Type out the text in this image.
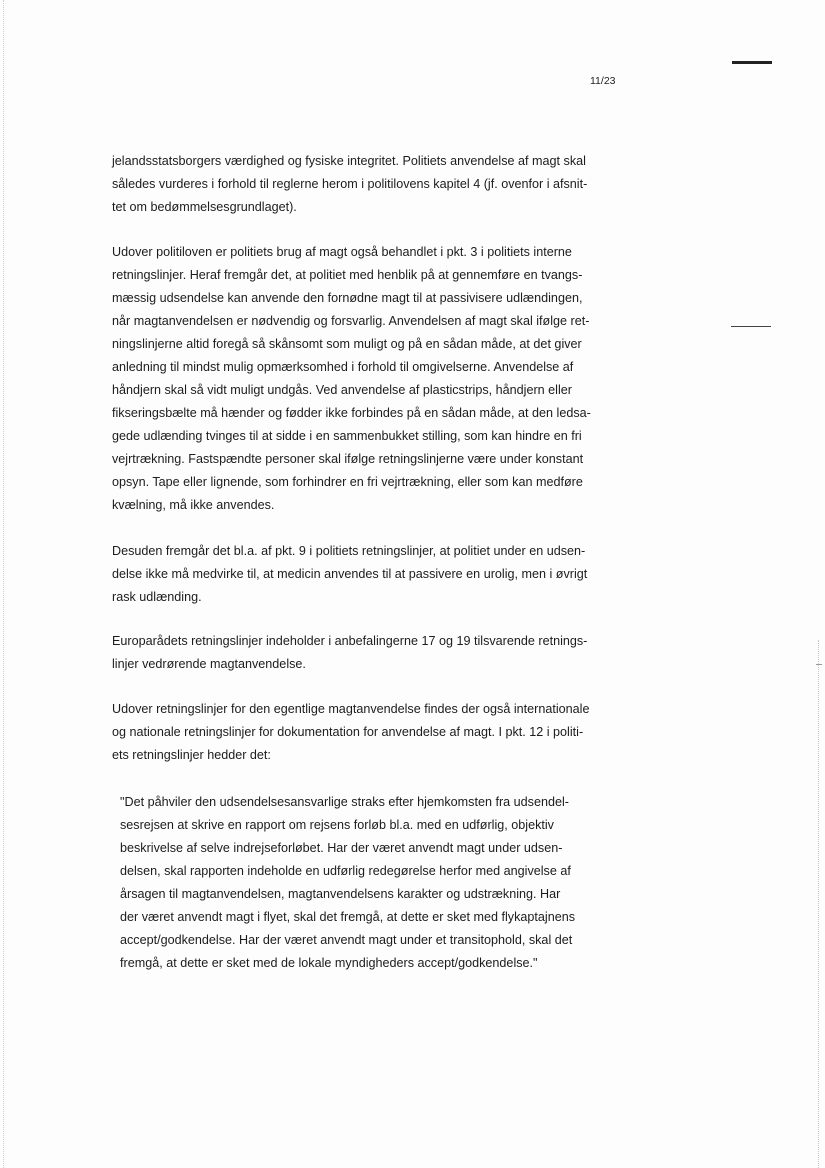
11/23
jelandsstatsborgers værdighed og fysiske integritet. Politiets anvendelse af magt skal
således vurderes i forhold til reglerne herom i politilovens kapitel 4 (jf. ovenfor i afsnit-
tet om bedømmelsesgrundlaget).
Udover politiloven er politiets brug af magt også behandlet i pkt. 3 i politiets interne
retningslinjer. Heraf fremgår det, at politiet med henblik på at gennemføre en tvangs-
mæssig udsendelse kan anvende den fornødne magt til at passivisere udlændingen,
når magtanvendelsen er nødvendig og forsvarlig. Anvendelsen af magt skal ifølge ret-
ningslinjerne altid foregå så skånsomt som muligt og på en sådan måde, at det giver
anledning til mindst mulig opmærksomhed i forhold til omgivelserne. Anvendelse af
håndjern skal så vidt muligt undgås. Ved anvendelse af plasticstrips, håndjern eller
fikseringsbælte må hænder og fødder ikke forbindes på en sådan måde, at den ledsa-
gede udlænding tvinges til at sidde i en sammenbukket stilling, som kan hindre en fri
vejrtrækning. Fastspændte personer skal ifølge retningslinjerne være under konstant
opsyn. Tape eller lignende, som forhindrer en fri vejrtrækning, eller som kan medføre
kvælning, må ikke anvendes.
Desuden fremgår det bl.a. af pkt. 9 i politiets retningslinjer, at politiet under en udsen-
delse ikke må medvirke til, at medicin anvendes til at passivere en urolig, men i øvrigt
rask udlænding.
Europarådets retningslinjer indeholder i anbefalingerne 17 og 19 tilsvarende retnings-
linjer vedrørende magtanvendelse.
Udover retningslinjer for den egentlige magtanvendelse findes der også internationale
og nationale retningslinjer for dokumentation for anvendelse af magt. I pkt. 12 i politi-
ets retningslinjer hedder det:
"Det påhviler den udsendelsesansvarlige straks efter hjemkomsten fra udsendel-
sesrejsen at skrive en rapport om rejsens forløb bl.a. med en udførlig, objektiv
beskrivelse af selve indrejseforløbet. Har der været anvendt magt under udsen-
delsen, skal rapporten indeholde en udførlig redegørelse herfor med angivelse af
årsagen til magtanvendelsen, magtanvendelsens karakter og udstrækning. Har
der været anvendt magt i flyet, skal det fremgå, at dette er sket med flykaptajnens
accept/godkendelse. Har der været anvendt magt under et transitophold, skal det
fremgå, at dette er sket med de lokale myndigheders accept/godkendelse."
